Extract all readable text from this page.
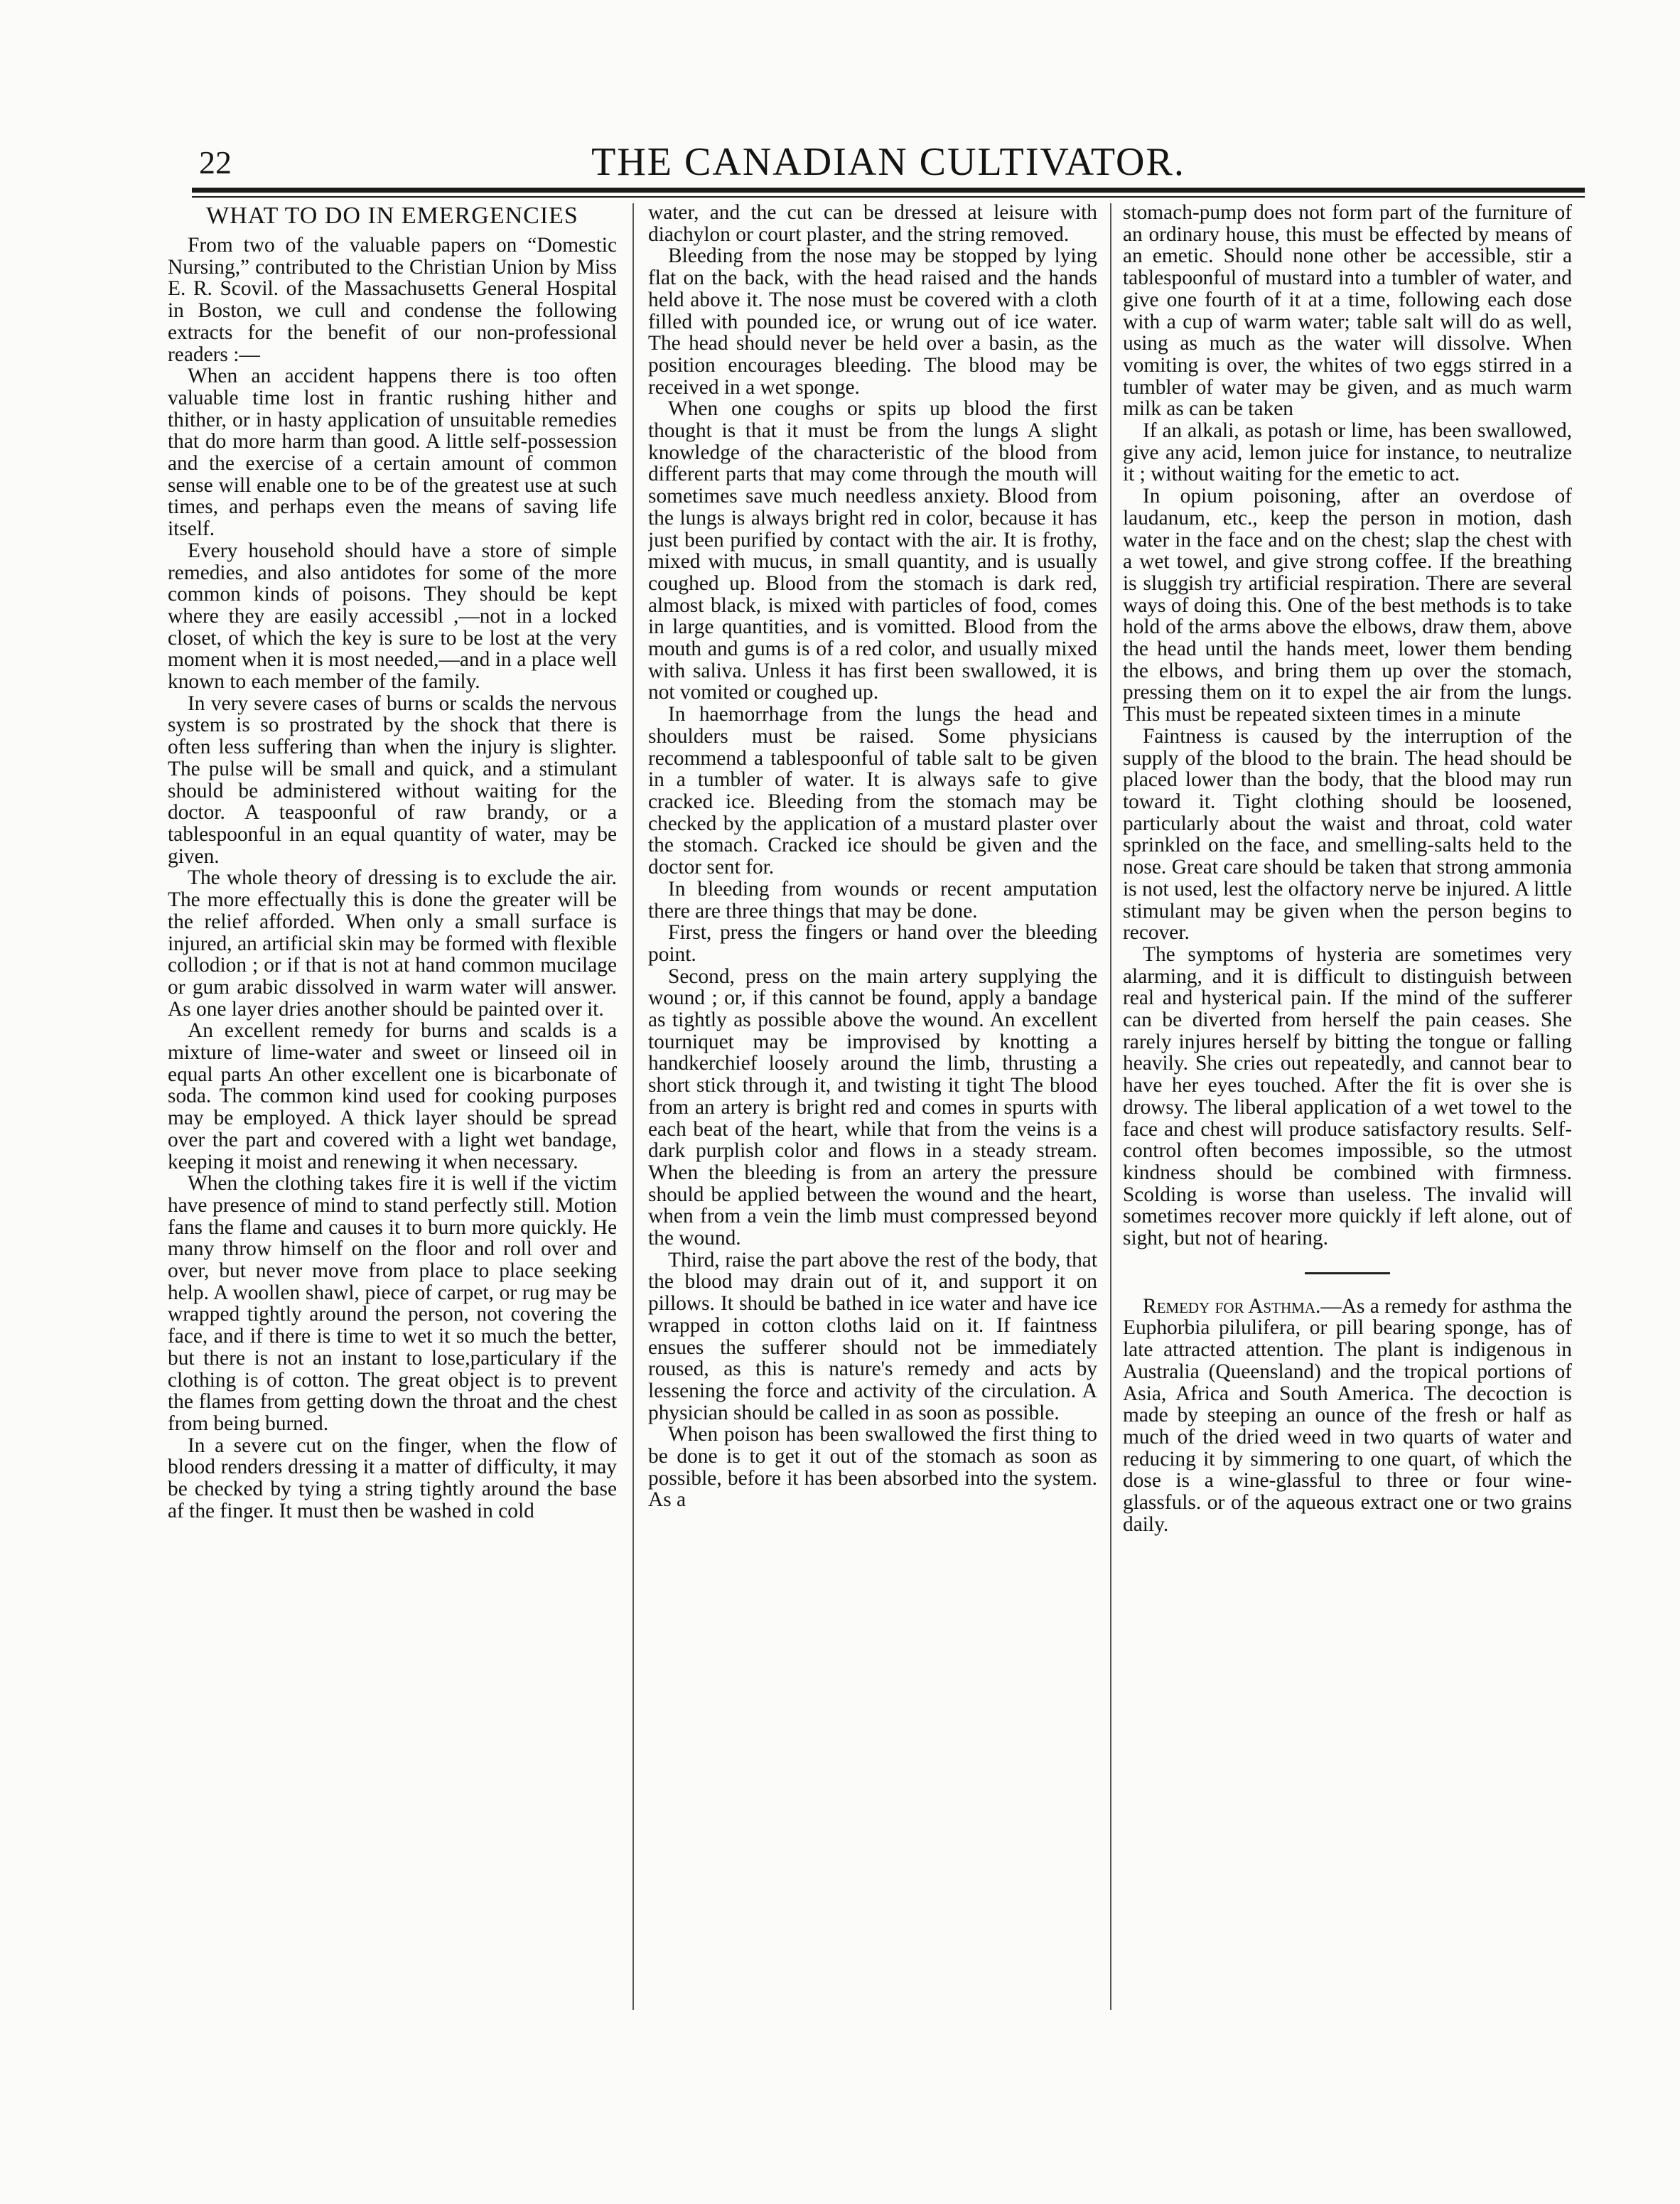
22	THE CANADIAN CULTIVATOR.
WHAT TO DO IN EMERGENCIES

From two of the valuable papers on “Domestic Nursing,” contributed to the Christian Union by Miss E. R. Scovil. of the Massachusetts General Hospital in Boston, we cull and condense the following extracts for the benefit of our non-professional readers :—

When an accident happens there is too often valuable time lost in frantic rushing hither and thither, or in hasty application of unsuitable remedies that do more harm than good. A little self-possession and the exercise of a certain amount of common sense will enable one to be of the greatest use at such times, and perhaps even the means of saving life itself.

Every household should have a store of simple remedies, and also antidotes for some of the more common kinds of poisons. They should be kept where they are easily accessibl ,—not in a locked closet, of which the key is sure to be lost at the very moment when it is most needed,—and in a place well known to each member of the family.

In very severe cases of burns or scalds the nervous system is so prostrated by the shock that there is often less suffering than when the injury is slighter. The pulse will be small and quick, and a stimulant should be administered without waiting for the doctor. A teaspoonful of raw brandy, or a tablespoonful in an equal quantity of water, may be given.

The whole theory of dressing is to exclude the air. The more effectually this is done the greater will be the relief afforded. When only a small surface is injured, an artificial skin may be formed with flexible collodion ; or if that is not at hand common mucilage or gum arabic dissolved in warm water will answer. As one layer dries another should be painted over it.

An excellent remedy for burns and scalds is a mixture of lime-water and sweet or linseed oil in equal parts An other excellent one is bicarbonate of soda. The common kind used for cooking purposes may be employed. A thick layer should be spread over the part and covered with a light wet bandage, keeping it moist and renewing it when necessary.

When the clothing takes fire it is well if the victim have presence of mind to stand perfectly still. Motion fans the flame and causes it to burn more quickly. He many throw himself on the floor and roll over and over, but never move from place to place seeking help. A woollen shawl, piece of carpet, or rug may be wrapped tightly around the person, not covering the face, and if there is time to wet it so much the better, but there is not an instant to lose,particulary if the clothing is of cotton. The great object is to prevent the flames from getting down the throat and the chest from being burned.

In a severe cut on the finger, when the flow of blood renders dressing it a matter of difficulty, it may be checked by tying a string tightly around the base af the finger. It must then be washed in cold

water, and the cut can be dressed at leisure with diachylon or court plaster, and the string removed.

Bleeding from the nose may be stopped by lying flat on the back, with the head raised and the hands held above it. The nose must be covered with a cloth filled with pounded ice, or wrung out of ice water. The head should never be held over a basin, as the position encourages bleeding. The blood may be received in a wet sponge.

When one coughs or spits up blood the first thought is that it must be from the lungs A slight knowledge of the characteristic of the blood from different parts that may come through the mouth will sometimes save much needless anxiety. Blood from the lungs is always bright red in color, because it has just been purified by contact with the air. It is frothy, mixed with mucus, in small quantity, and is usually coughed up. Blood from the stomach is dark red, almost black, is mixed with particles of food, comes in large quantities, and is vomitted. Blood from the mouth and gums is of a red color, and usually mixed with saliva. Unless it has first been swallowed, it is not vomited or coughed up.

In haemorrhage from the lungs the head and shoulders must be raised. Some physicians recommend a tablespoonful of table salt to be given in a tumbler of water. It is always safe to give cracked ice. Bleeding from the stomach may be checked by the application of a mustard plaster over the stomach. Cracked ice should be given and the doctor sent for.

In bleeding from wounds or recent amputation there are three things that may be done.

First, press the fingers or hand over the bleeding point.

Second, press on the main artery supplying the wound ; or, if this cannot be found, apply a bandage as tightly as possible above the wound. An excellent tourniquet may be improvised by knotting a handkerchief loosely around the limb, thrusting a short stick through it, and twisting it tight The blood from an artery is bright red and comes in spurts with each beat of the heart, while that from the veins is a dark purplish color and flows in a steady stream. When the bleeding is from an artery the pressure should be applied between the wound and the heart, when from a vein the limb must compressed beyond the wound.

Third, raise the part above the rest of the body, that the blood may drain out of it, and support it on pillows. It should be bathed in ice water and have ice wrapped in cotton cloths laid on it. If faintness ensues the sufferer should not be immediately roused, as this is nature's remedy and acts by lessening the force and activity of the circulation. A physician should be called in as soon as possible.

When poison has been swallowed the first thing to be done is to get it out of the stomach as soon as possible, before it has been absorbed into the system. As a

stomach-pump does not form part of the furniture of an ordinary house, this must be effected by means of an emetic. Should none other be accessible, stir a tablespoonful of mustard into a tumbler of water, and give one fourth of it at a time, following each dose with a cup of warm water; table salt will do as well, using as much as the water will dissolve. When vomiting is over, the whites of two eggs stirred in a tumbler of water may be given, and as much warm milk as can be taken

If an alkali, as potash or lime, has been swallowed, give any acid, lemon juice for instance, to neutralize it ; without waiting for the emetic to act.

In opium poisoning, after an overdose of laudanum, etc., keep the person in motion, dash water in the face and on the chest; slap the chest with a wet towel, and give strong coffee. If the breathing is sluggish try artificial respiration. There are several ways of doing this. One of the best methods is to take hold of the arms above the elbows, draw them, above the head until the hands meet, lower them bending the elbows, and bring them up over the stomach, pressing them on it to expel the air from the lungs. This must be repeated sixteen times in a minute

Faintness is caused by the interruption of the supply of the blood to the brain. The head should be placed lower than the body, that the blood may run toward it. Tight clothing should be loosened, particularly about the waist and throat, cold water sprinkled on the face, and smelling-salts held to the nose. Great care should be taken that strong ammonia is not used, lest the olfactory nerve be injured. A little stimulant may be given when the person begins to recover.

The symptoms of hysteria are sometimes very alarming, and it is difficult to distinguish between real and hysterical pain. If the mind of the sufferer can be diverted from herself the pain ceases. She rarely injures herself by bitting the tongue or falling heavily. She cries out repeatedly, and cannot bear to have her eyes touched. After the fit is over she is drowsy. The liberal application of a wet towel to the face and chest will produce satisfactory results. Self-control often becomes impossible, so the utmost kindness should be combined with firmness. Scolding is worse than useless. The invalid will sometimes recover more quickly if left alone, out of sight, but not of hearing.

Remedy for Asthma.—As a remedy for asthma the Euphorbia pilulifera, or pill bearing sponge, has of late attracted attention. The plant is indigenous in Australia (Queensland) and the tropical portions of Asia, Africa and South America. The decoction is made by steeping an ounce of the fresh or half as much of the dried weed in two quarts of water and reducing it by simmering to one quart, of which the dose is a wine-glassful to three or four wine-glassfuls. or of the aqueous extract one or two grains daily.
